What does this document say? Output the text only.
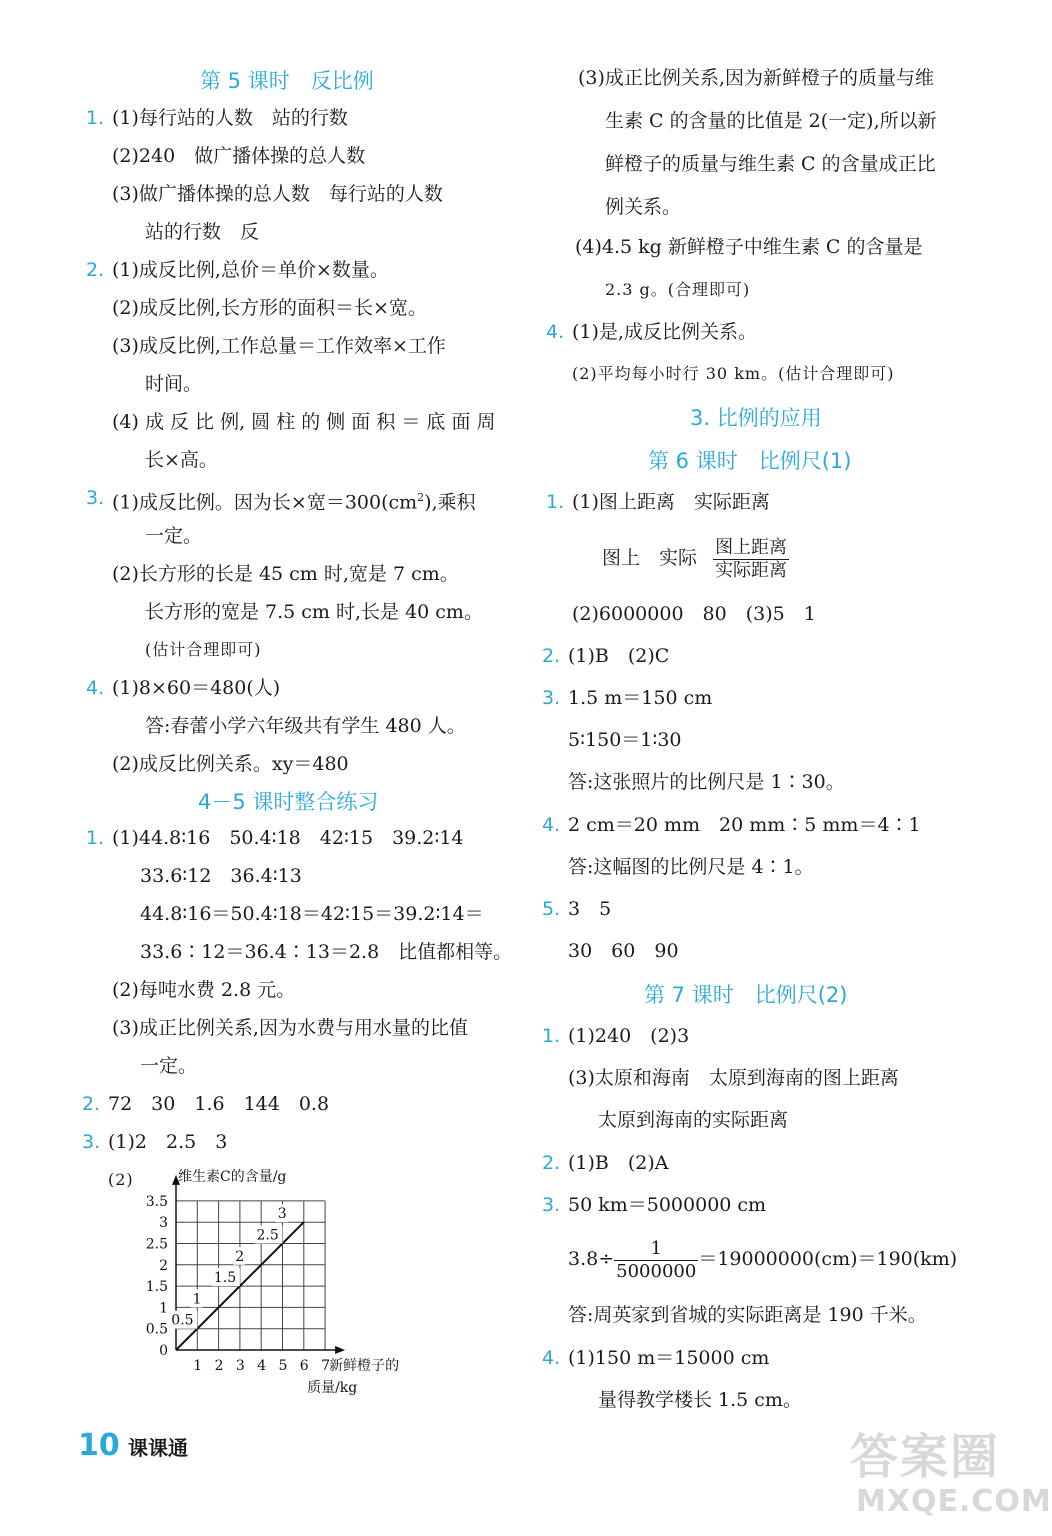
第 5 课时　反比例
1. (1)每行站的人数　站的行数
(2)240　做广播体操的总人数
(3)做广播体操的总人数　每行站的人数
站的行数　反
2. (1)成反比例,总价＝单价×数量。
(2)成反比例,长方形的面积＝长×宽。
(3)成反比例,工作总量＝工作效率×工作
时间。
(4) 成 反 比 例, 圆 柱 的 侧 面 积 ＝ 底 面 周
长×高。
3. (1)成反比例。因为长×宽$=300(cm^2)$,乘积
一定。
(2)长方形的长是 45 cm 时,宽是 7 cm。
长方形的宽是 7.5 cm 时,长是 40 cm。
(估计合理即可)
4. (1)8×60＝480(人)
答:春蕾小学六年级共有学生 480 人。
(2)成反比例关系。xy＝480
4－5 课时整合练习
1. (1)44.8∶16　50.4∶18　42∶15　39.2∶14
33.6∶12　36.4∶13
44.8∶16＝50.4∶18＝42∶15＝39.2∶14＝
33.6∶12＝36.4∶13＝2.8　比值都相等。
(2)每吨水费 2.8 元。
(3)成正比例关系,因为水费与用水量的比值
一定。
2. 72　30　1.6　144　0.8
3. (1)2　2.5　3
(2)
1 2 3 4 5 6 7
0
0.5
1
1.5
2
2.5
3
3.5
维生素C的含量/g
新鲜橙子的
质量/kg
0.5
1
1.5
2
2.5
3
(3)成正比例关系,因为新鲜橙子的质量与维
生素 C 的含量的比值是 2(一定),所以新
鲜橙子的质量与维生素 C 的含量成正比
例关系。
(4)4.5 kg 新鲜橙子中维生素 C 的含量是
2.3 g。(合理即可)
4. (1)是,成反比例关系。
(2)平均每小时行 30 km。(估计合理即可)
3. 比例的应用
第 6 课时　比例尺(1)
1. (1)图上距离　实际距离
图上　实际 $\frac{\text{图上距离}}{\text{实际距离}}$
(2)6000000　80　(3)5　1
2. (1)B　(2)C
3. 1.5 m＝150 cm
5∶150＝1∶30
答:这张照片的比例尺是 1∶30。
4. 2 cm＝20 mm　20 mm∶5 mm＝4∶1
答:这幅图的比例尺是 4∶1。
5. 3　5
30　60　90
第 7 课时　比例尺(2)
1. (1)240　(2)3
(3)太原和海南　太原到海南的图上距离
太原到海南的实际距离
2. (1)B　(2)A
3. 50 km＝5000000 cm
$3.8\div \frac{1}{5000000} =19000000(cm)=190(km)$
答:周英家到省城的实际距离是 190 千米。
4. (1)150 m＝15000 cm
量得教学楼长 1.5 cm。
10 课课通	答案圈
MXQE.COM
